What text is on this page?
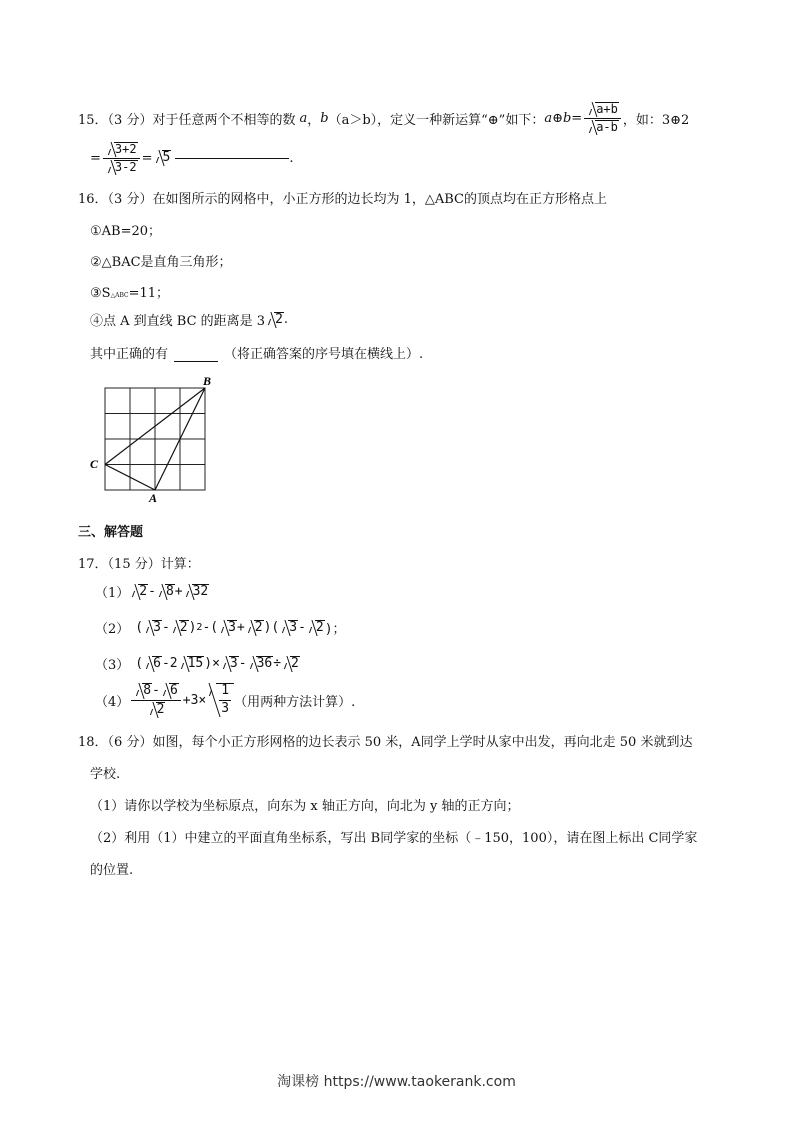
15．（3 分）对于任意两个不相等的数 a ， b （a＞b），定义一种新运算“⊕”如下： a⊕b= $\frac{a+b}{a-b}$ ，如：3⊕2
= $\frac{3+2}{3-2} = 5$	.
16．（3 分）在如图所示的网格中，小正方形的边长均为 1，△ABC的顶点均在正方形格点上
①AB=20；
②△BAC是直角三角形；
③S△ABC=11；
④点 A 到直线 BC 的距离是 3 2 .
其中正确的有	（将正确答案的序号填在横线上）.
B
C
A
三、解答题
17．（15 分）计算：
（1） 2 - 8 + 32
（2） ( 3 - 2 ) 2 -( 3 + 2 )( 3 - 2 )；
（3） ( 6 -2 15 )× 3 - 36 ÷ 2
$(4) \frac{8- 6}{2} +3\times \frac{1}{3}$ （用两种方法计算）.
18．（6 分）如图，每个小正方形网格的边长表示 50 米，A同学上学时从家中出发，再向北走 50 米就到达
学校.
（1）请你以学校为坐标原点，向东为 x 轴正方向，向北为 y 轴的正方向；
（2）利用（1）中建立的平面直角坐标系，写出 B同学家的坐标（﹣150，100），请在图上标出 C同学家
的位置.
淘课榜 https://www.taokerank.com
